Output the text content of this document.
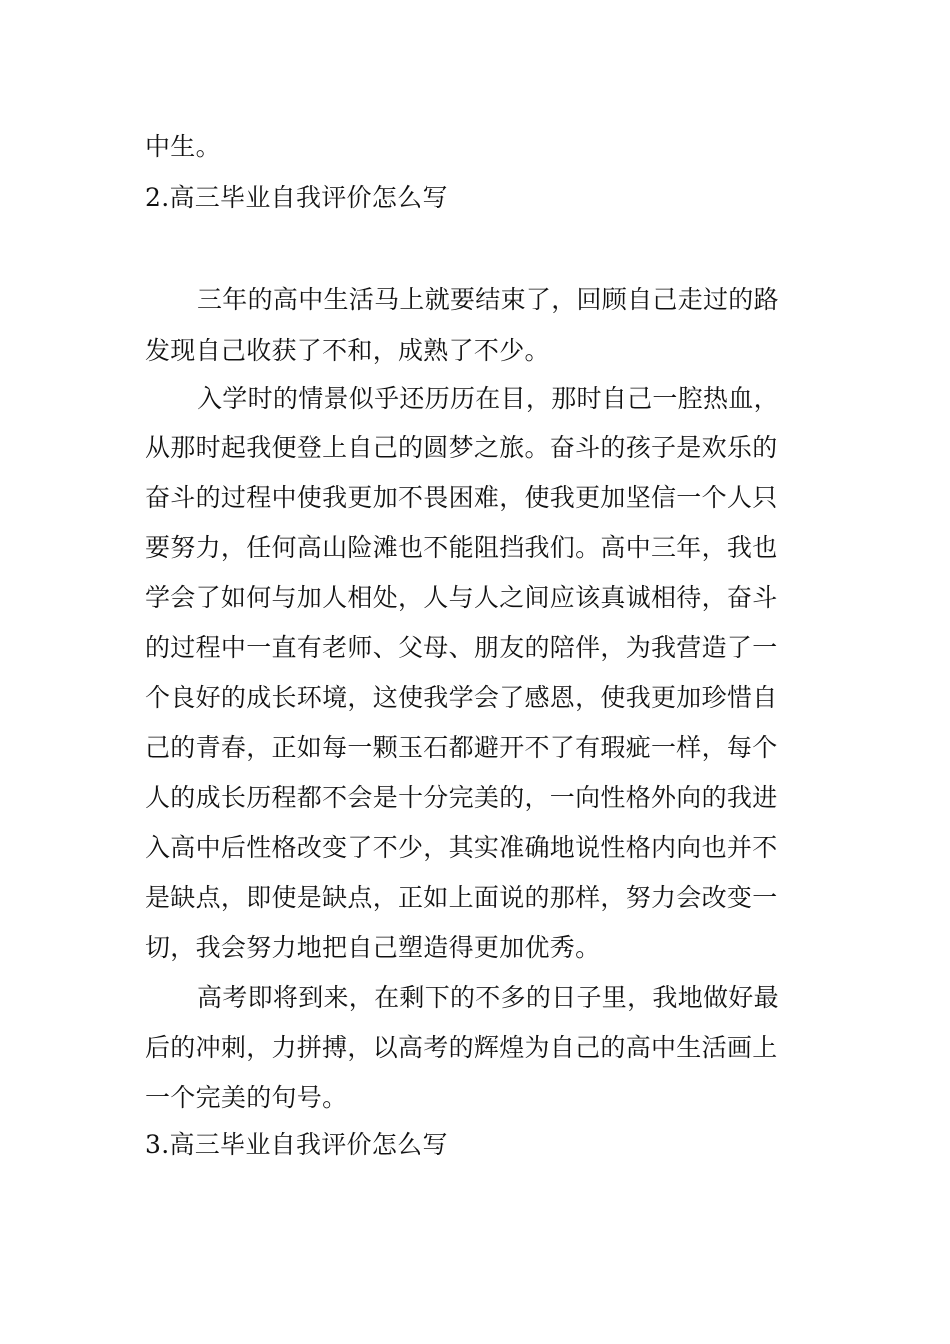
中生。
2.高三毕业自我评价怎么写
三年的高中生活马上就要结束了，回顾自己走过的路
发现自己收获了不和，成熟了不少。
入学时的情景似乎还历历在目，那时自己一腔热血，
从那时起我便登上自己的圆梦之旅。奋斗的孩子是欢乐的
奋斗的过程中使我更加不畏困难，使我更加坚信一个人只
要努力，任何高山险滩也不能阻挡我们。高中三年，我也
学会了如何与加人相处，人与人之间应该真诚相待，奋斗
的过程中一直有老师、父母、朋友的陪伴，为我营造了一
个良好的成长环境，这使我学会了感恩，使我更加珍惜自
己的青春，正如每一颗玉石都避开不了有瑕疵一样，每个
人的成长历程都不会是十分完美的，一向性格外向的我进
入高中后性格改变了不少，其实准确地说性格内向也并不
是缺点，即使是缺点，正如上面说的那样，努力会改变一
切，我会努力地把自己塑造得更加优秀。
高考即将到来，在剩下的不多的日子里，我地做好最
后的冲刺，力拼搏，以高考的辉煌为自己的高中生活画上
一个完美的句号。
3.高三毕业自我评价怎么写
